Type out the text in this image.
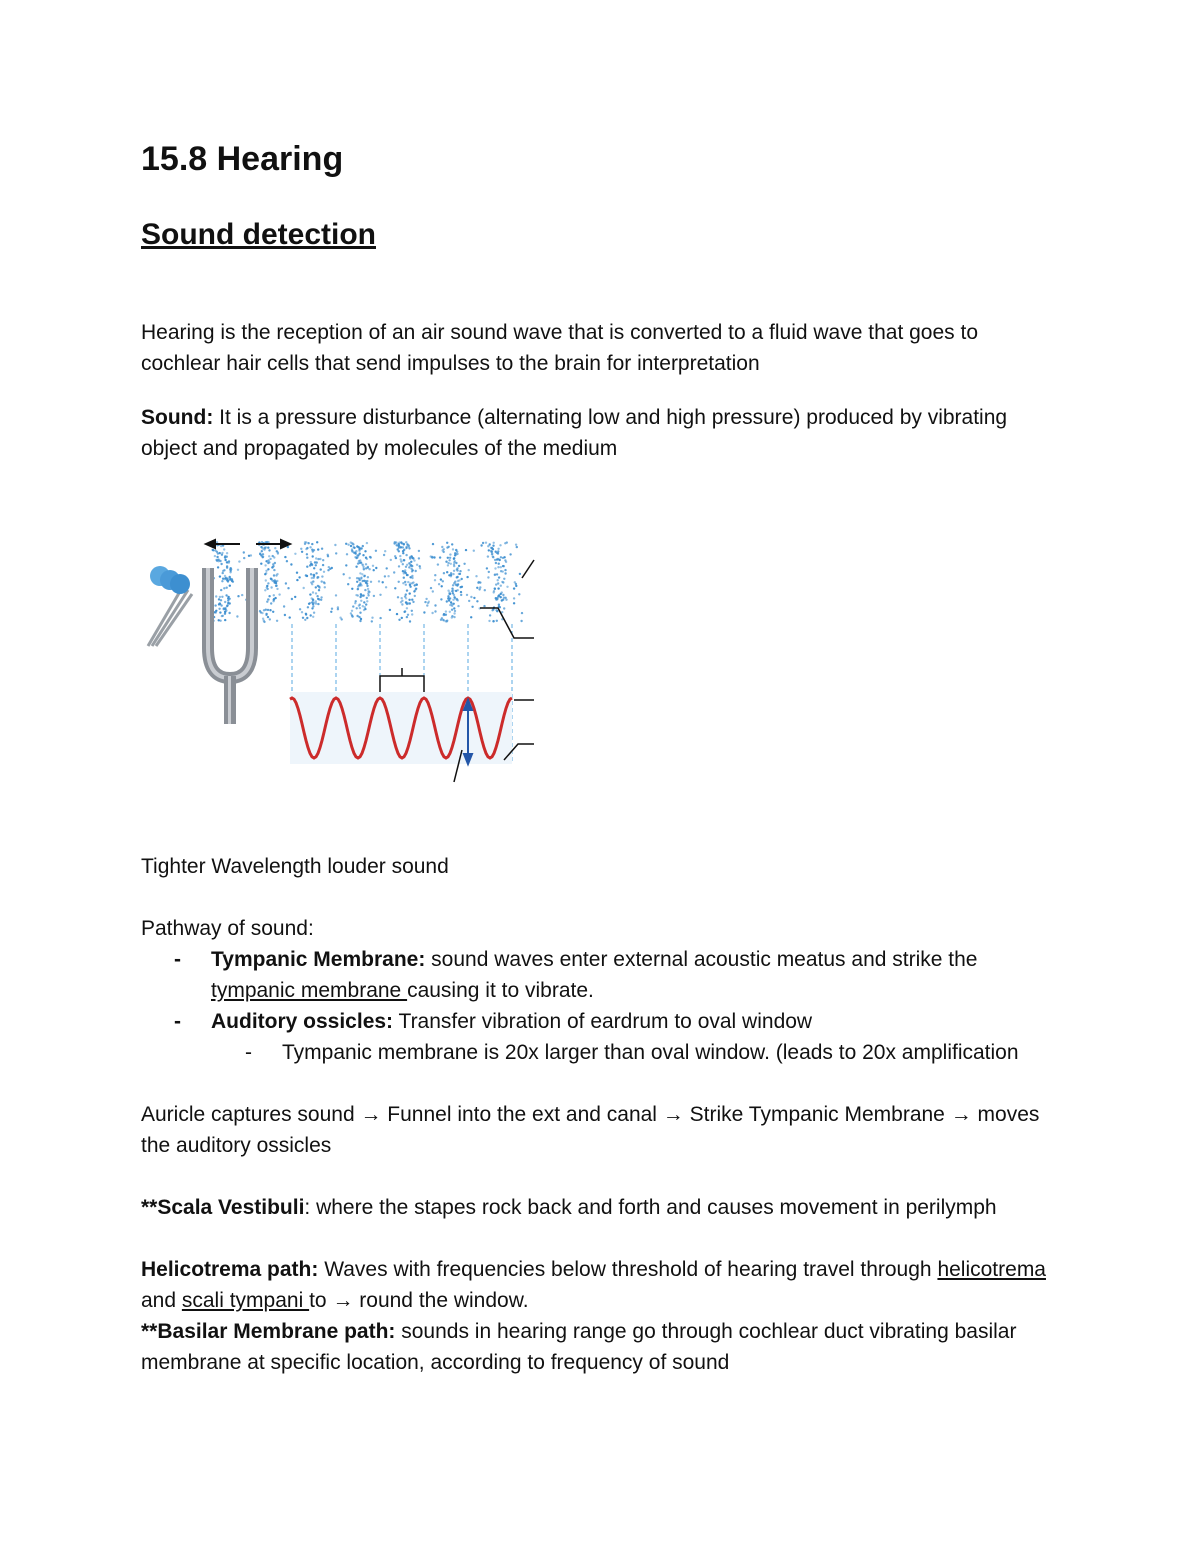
15.8 Hearing
Sound detection

Hearing is the reception of an air sound wave that is converted to a fluid wave that goes to cochlear hair cells that send impulses to the brain for interpretation

Sound: It is a pressure disturbance (alternating low and high pressure) produced by vibrating object and propagated by molecules of the medium

Tighter Wavelength louder sound

Pathway of sound:

- Tympanic Membrane: sound waves enter external acoustic meatus and strike the tympanic membrane causing it to vibrate.
- Auditory ossicles: Transfer vibration of eardrum to oval window
- Tympanic membrane is 20x larger than oval window. (leads to 20x amplification

Auricle captures sound → Funnel into the ext and canal → Strike Tympanic Membrane → moves the auditory ossicles

**Scala Vestibuli: where the stapes rock back and forth and causes movement in perilymph

Helicotrema path: Waves with frequencies below threshold of hearing travel through helicotrema and scali tympani to → round the window.

**Basilar Membrane path: sounds in hearing range go through cochlear duct vibrating basilar membrane at specific location, according to frequency of sound
